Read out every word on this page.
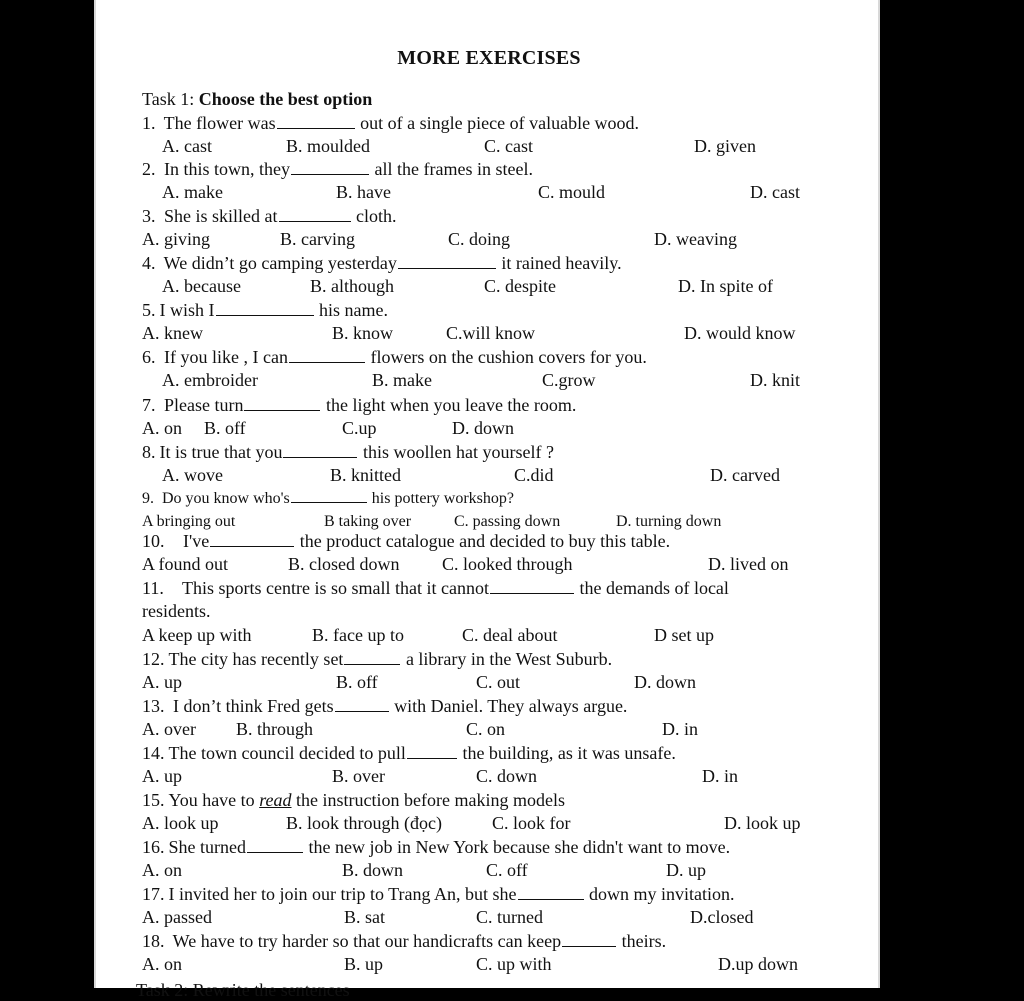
MORE EXERCISES
Task 1: Choose the best option
1. The flower was	out of a single piece of valuable wood.
A. cast	B. moulded	C. cast	D. given
2. In this town, they	all the frames in steel.
A. make	B. have	C. mould	D. cast
3. She is skilled at	cloth.
A. giving	B. carving	C. doing	D. weaving
4. We didn’t go camping yesterday	it rained heavily.
A. because	B. although	C. despite	D. In spite of
5. I wish I	his name.
A. knew	B. know	C.will know	D. would know
6. If you like , I can	flowers on the cushion covers for you.
A. embroider	B. make	C.grow	D. knit
7. Please turn	the light when you leave the room.
A. on B. off	C.up	D. down
8. It is true that you	this woollen hat yourself ?
A. wove	B. knitted	C.did	D. carved
9. Do you know who's	his pottery workshop?
A bringing out	B taking over	C. passing down	D. turning down
10. I've	the product catalogue and decided to buy this table.
A found out	B. closed down C. looked through	D. lived on
11. This sports centre is so small that it cannot	the demands of local
residents.
A keep up with	B. face up to	C. deal about	D set up
12. The city has recently set	a library in the West Suburb.
A. up	B. off	C. out	D. down
13. I don’t think Fred gets	with Daniel. They always argue.
A. over B. through	C. on	D. in
14. The town council decided to pull	the building, as it was unsafe.
A. up	B. over	C. down	D. in
15. You have to read the instruction before making models
A. look up	B. look through (đọc)	C. look for	D. look up
16. She turned	the new job in New York because she didn't want to move.
A. on	B. down	C. off	D. up
17. I invited her to join our trip to Trang An, but she	down my invitation.
A. passed	B. sat	C. turned	D.closed
18. We have to try harder so that our handicrafts can keep	theirs.
A. on	B. up	C. up with	D.up down
Task 2: Rewrite the sentences
